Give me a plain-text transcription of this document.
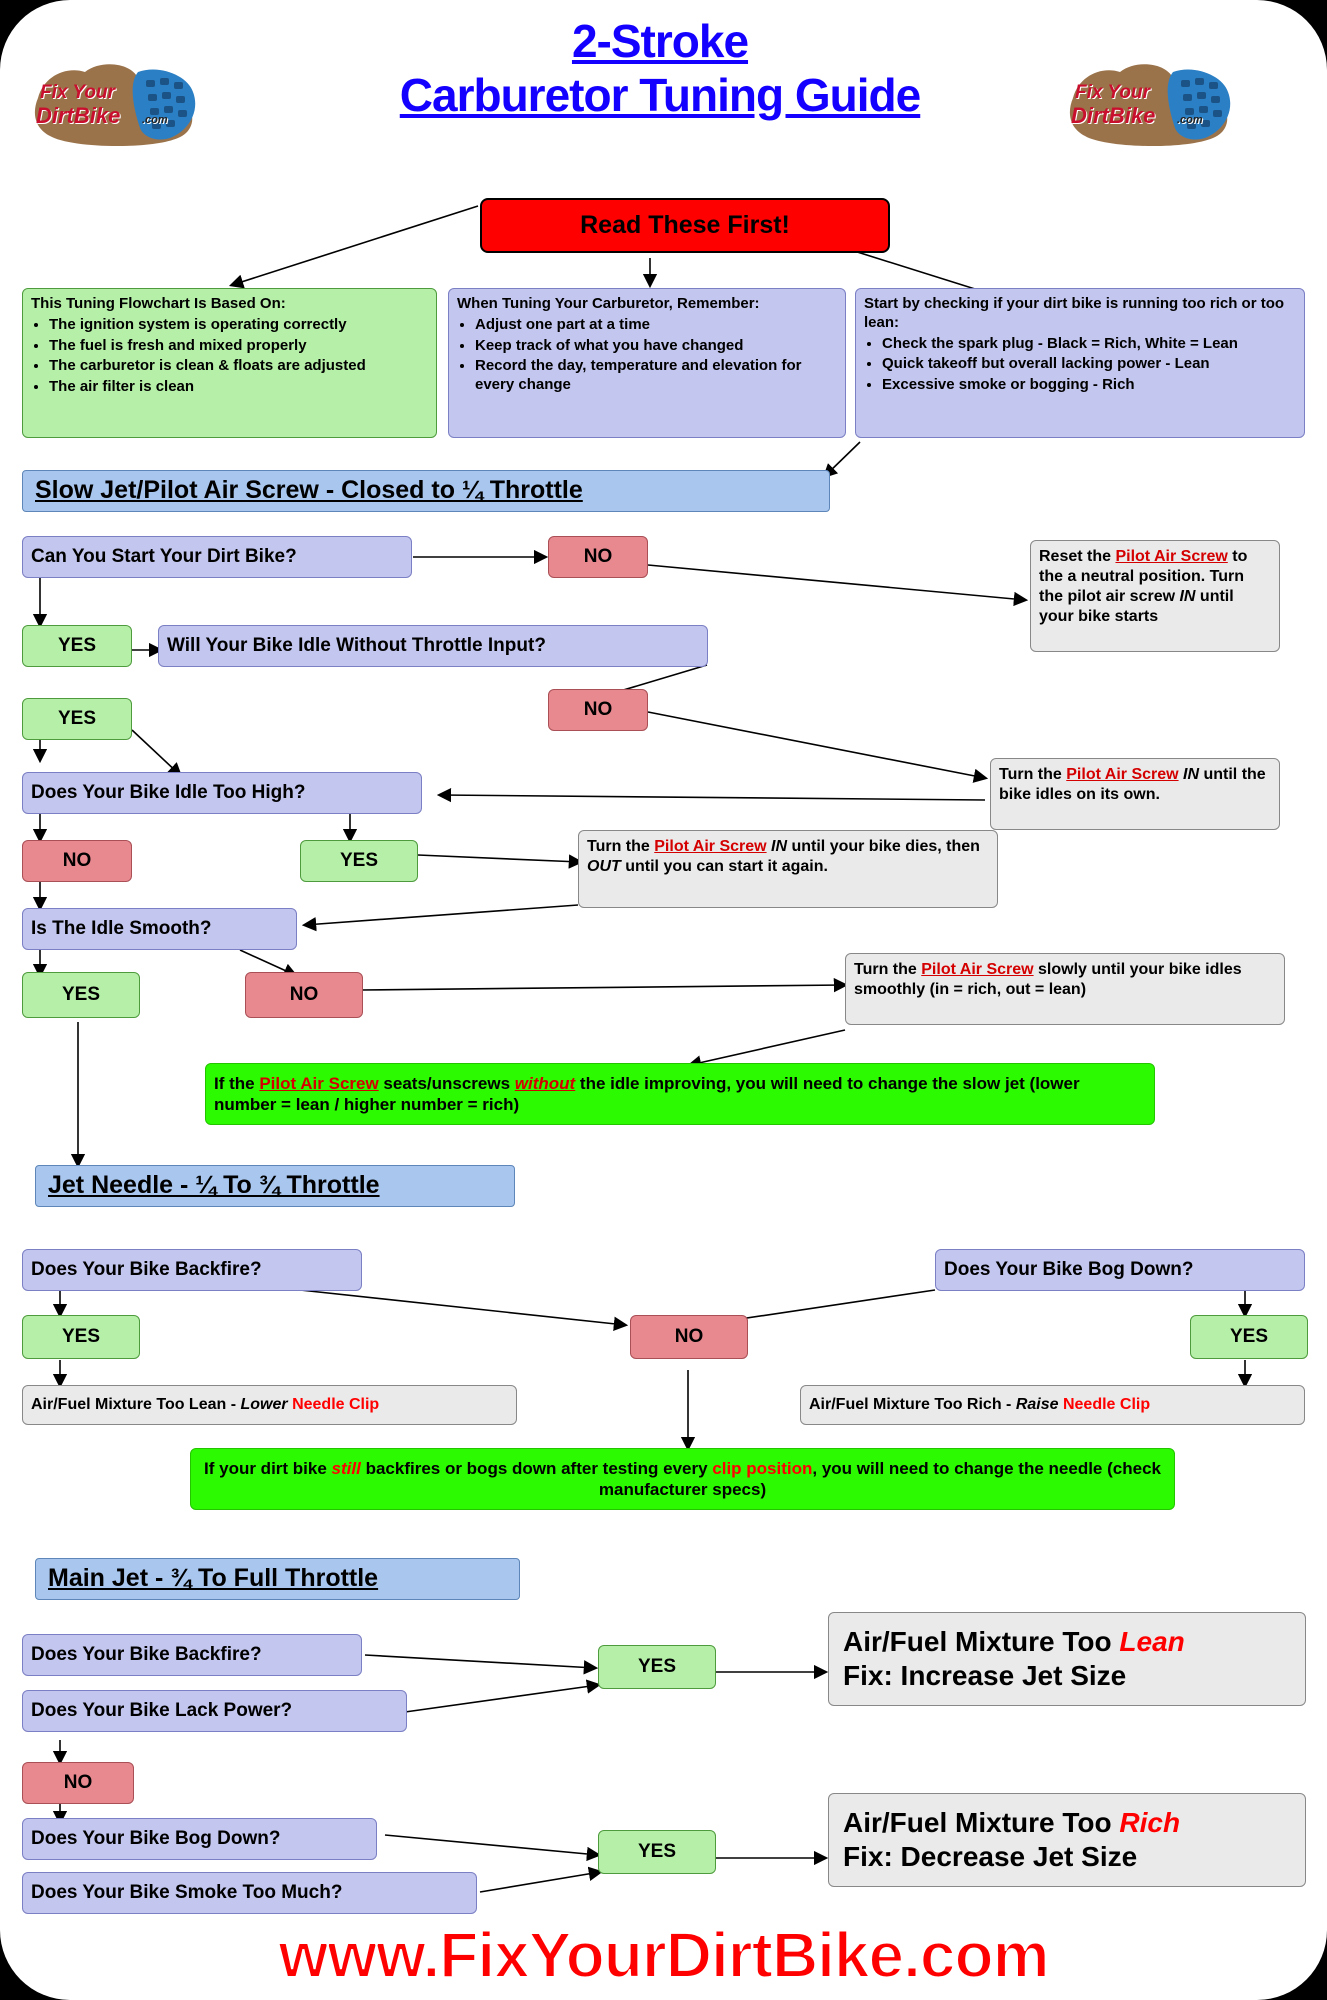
2-Stroke
Carburetor Tuning Guide
Fix Your
DirtBike .com
Fix Your
DirtBike .com
Read These First!
This Tuning Flowchart Is Based On:
• The ignition system is operating correctly
• The fuel is fresh and mixed properly
• The carburetor is clean & floats are adjusted
• The air filter is clean
When Tuning Your Carburetor, Remember:
• Adjust one part at a time
• Keep track of what you have changed
• Record the day, temperature and elevation for every change
Start by checking if your dirt bike is running too rich or too lean:
• Check the spark plug - Black = Rich, White = Lean
• Quick takeoff but overall lacking power - Lean
• Excessive smoke or bogging - Rich
Slow Jet/Pilot Air Screw - Closed to ¼ Throttle
Can You Start Your Dirt Bike?	NO	Reset the Pilot Air Screw to the a neutral position. Turn the pilot air screw IN until your bike starts
YES	Will Your Bike Idle Without Throttle Input?
NO
YES
Turn the Pilot Air Screw IN until the bike idles on its own.
Does Your Bike Idle Too High?
NO	YES
Turn the Pilot Air Screw IN until your bike dies, then OUT until you can start it again.
Is The Idle Smooth?
YES	NO
Turn the Pilot Air Screw slowly until your bike idles smoothly (in = rich, out = lean)
If the Pilot Air Screw seats/unscrews without the idle improving, you will need to change the slow jet (lower number = lean / higher number = rich)
Jet Needle - ¼ To ¾ Throttle
Does Your Bike Backfire?	Does Your Bike Bog Down?
YES	YES
NO
Air/Fuel Mixture Too Lean - Lower Needle Clip	Air/Fuel Mixture Too Rich - Raise Needle Clip
If your dirt bike still backfires or bogs down after testing every clip position, you will need to change the needle (check manufacturer specs)
Main Jet - ¾ To Full Throttle
Does Your Bike Backfire?
Does Your Bike Lack Power?
YES
Air/Fuel Mixture Too Lean
Fix: Increase Jet Size
NO
Does Your Bike Bog Down?
Does Your Bike Smoke Too Much?
YES
Air/Fuel Mixture Too Rich
Fix: Decrease Jet Size
www.FixYourDirtBike.com
